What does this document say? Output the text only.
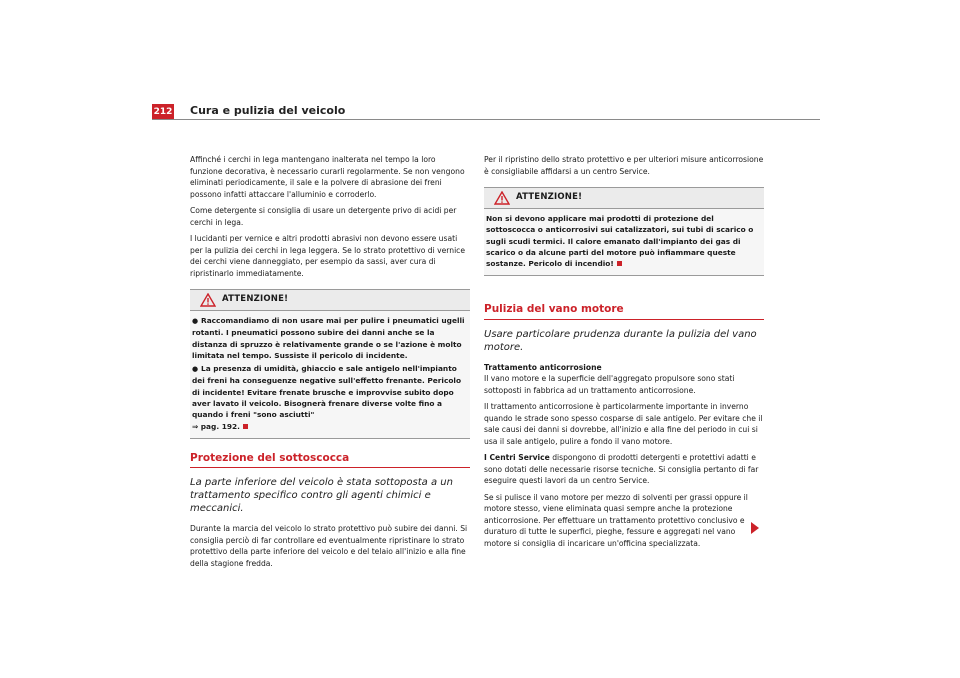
212 Cura e pulizia del veicolo

Affinché i cerchi in lega mantengano inalterata nel tempo la loro funzione decorativa, è necessario curarli regolarmente. Se non vengono eliminati periodicamente, il sale e la polvere di abrasione dei freni possono infatti attaccare l'alluminio e corroderlo.

Come detergente si consiglia di usare un detergente privo di acidi per cerchi in lega.

I lucidanti per vernice e altri prodotti abrasivi non devono essere usati per la pulizia dei cerchi in lega leggera. Se lo strato protettivo di vernice dei cerchi viene danneggiato, per esempio da sassi, aver cura di ripristinarlo immediatamente.

ATTENZIONE!

● Raccomandiamo di non usare mai per pulire i pneumatici ugelli rotanti. I pneumatici possono subire dei danni anche se la distanza di spruzzo è relativamente grande o se l'azione è molto limitata nel tempo. Sussiste il pericolo di incidente.

● La presenza di umidità, ghiaccio e sale antigelo nell'impianto dei freni ha conseguenze negative sull'effetto frenante. Pericolo di incidente! Evitare frenate brusche e improvvise subito dopo aver lavato il veicolo. Bisognerà frenare diverse volte fino a quando i freni "sono asciutti"
⇒ pag. 192.

Protezione del sottoscocca
La parte inferiore del veicolo è stata sottoposta a un trattamento specifico contro gli agenti chimici e meccanici.

Durante la marcia del veicolo lo strato protettivo può subire dei danni. Si consiglia perciò di far controllare ed eventualmente ripristinare lo strato protettivo della parte inferiore del veicolo e del telaio all'inizio e alla fine della stagione fredda.

Per il ripristino dello strato protettivo e per ulteriori misure anticorrosione è consigliabile affidarsi a un centro Service.

ATTENZIONE!

Non si devono applicare mai prodotti di protezione del sottoscocca o anticorrosivi sui catalizzatori, sui tubi di scarico o sugli scudi termici. Il calore emanato dall'impianto dei gas di scarico o da alcune parti del motore può infiammare queste sostanze. Pericolo di incendio!

Pulizia del vano motore
Usare particolare prudenza durante la pulizia del vano motore.

Trattamento anticorrosione

Il vano motore e la superficie dell'aggregato propulsore sono stati sottoposti in fabbrica ad un trattamento anticorrosione.

Il trattamento anticorrosione è particolarmente importante in inverno quando le strade sono spesso cosparse di sale antigelo. Per evitare che il sale causi dei danni si dovrebbe, all'inizio e alla fine del periodo in cui si usa il sale antigelo, pulire a fondo il vano motore.

I Centri Service dispongono di prodotti detergenti e protettivi adatti e sono dotati delle necessarie risorse tecniche. Si consiglia pertanto di far eseguire questi lavori da un centro Service.

Se si pulisce il vano motore per mezzo di solventi per grassi oppure il motore stesso, viene eliminata quasi sempre anche la protezione anticorrosione. Per effettuare un trattamento protettivo conclusivo e duraturo di tutte le superfici, pieghe, fessure e aggregati nel vano motore si consiglia di incaricare un'officina specializzata.
